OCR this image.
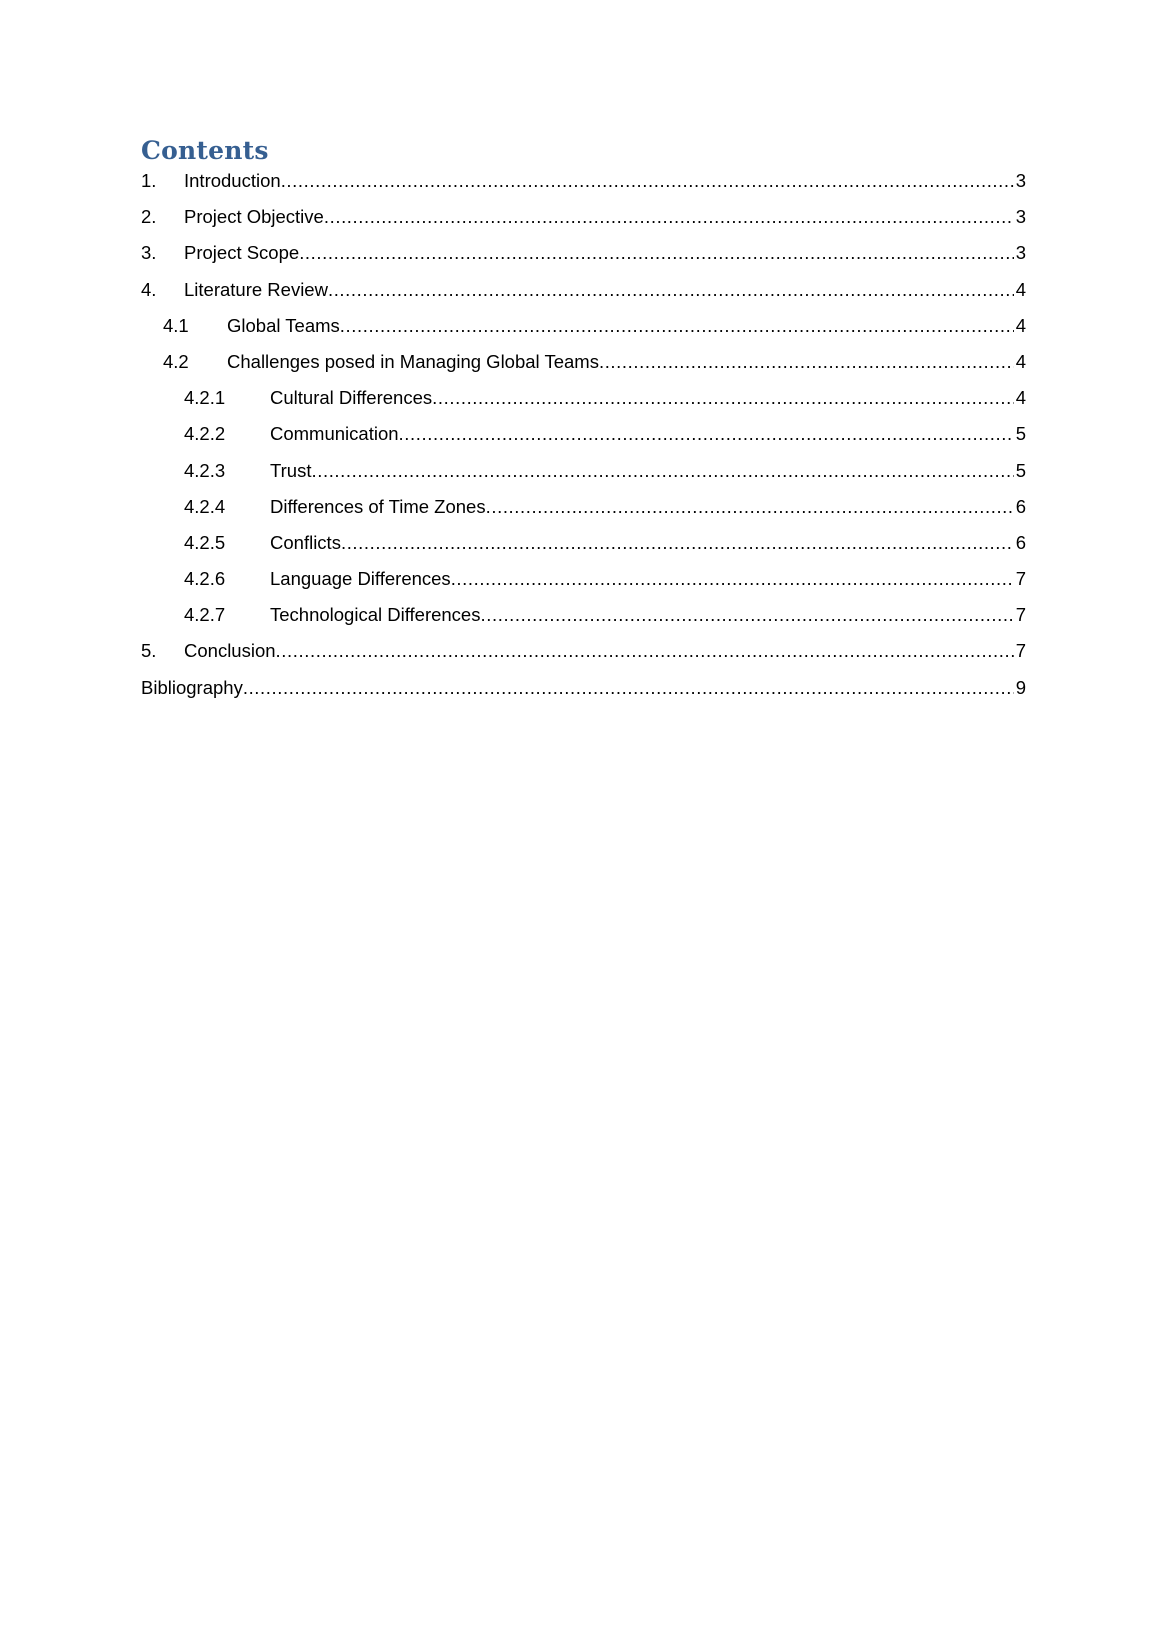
Contents
1.	Introduction .....	3
2.	Project Objective .....	3
3.	Project Scope .....	3
4.	Literature Review .....	4
4.1	Global Teams .....	4
4.2	Challenges posed in Managing Global Teams .....	4
4.2.1	Cultural Differences .....	4
4.2.2	Communication .....	5
4.2.3	Trust .....	5
4.2.4	Differences of Time Zones .....	6
4.2.5	Conflicts .....	6
4.2.6	Language Differences .....	7
4.2.7	Technological Differences .....	7
5.	Conclusion .....	7
Bibliography .....	9
